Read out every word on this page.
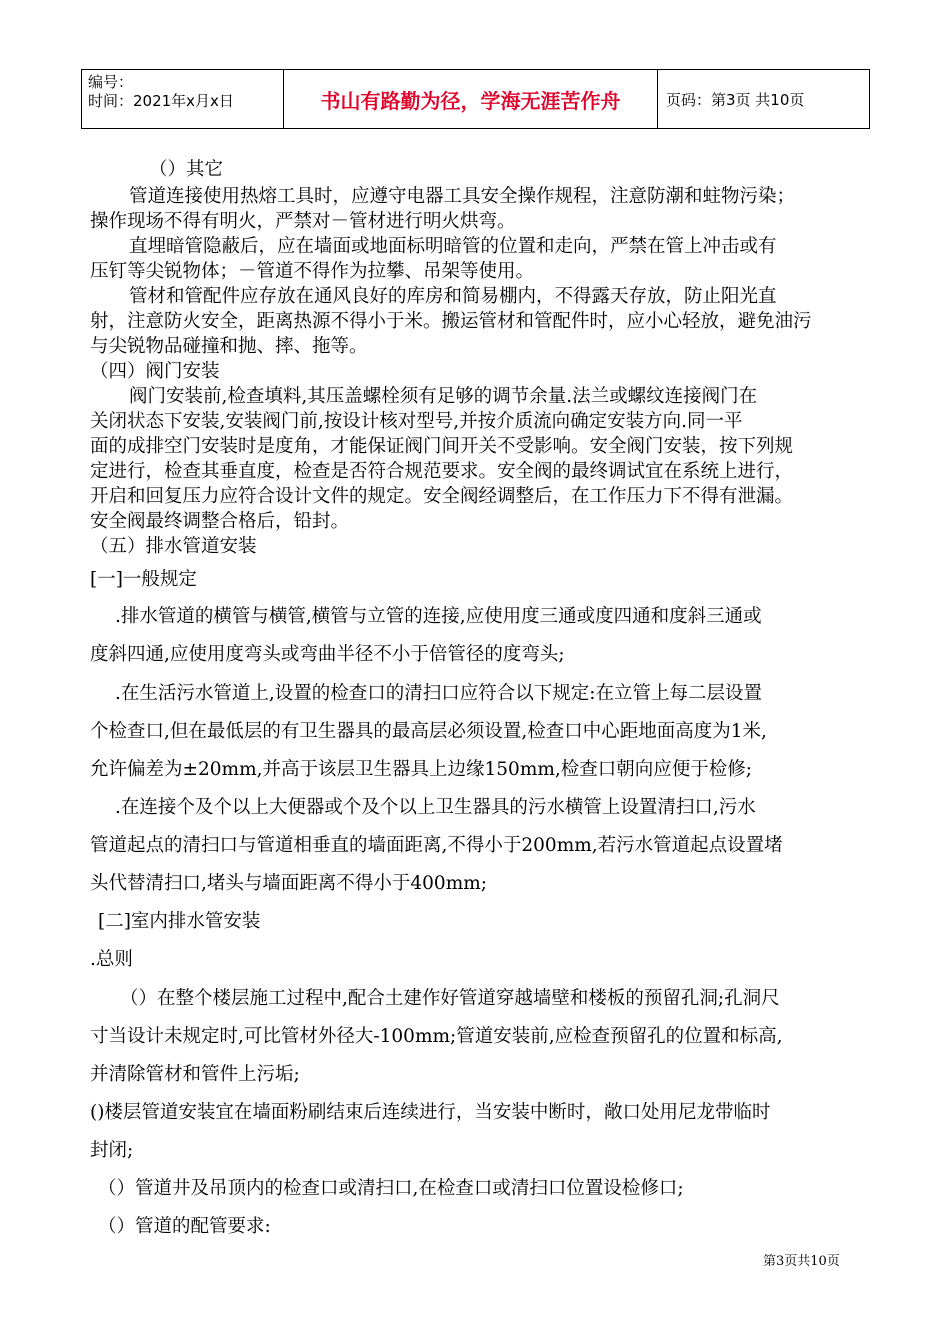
编号：
时间：2021年x月x日	书山有路勤为径，学海无涯苦作舟	页码：第3页 共10页
（）其它
管道连接使用热熔工具时，应遵守电器工具安全操作规程，注意防潮和蛀物污染；
操作现场不得有明火，严禁对－管材进行明火烘弯。
直埋暗管隐蔽后，应在墙面或地面标明暗管的位置和走向，严禁在管上冲击或有
压钉等尖锐物体；－管道不得作为拉攀、吊架等使用。
管材和管配件应存放在通风良好的库房和简易棚内，不得露天存放，防止阳光直
射，注意防火安全，距离热源不得小于米。搬运管材和管配件时，应小心轻放，避免油污
与尖锐物品碰撞和抛、摔、拖等。
（四）阀门安装
阀门安装前,检查填料,其压盖螺栓须有足够的调节余量.法兰或螺纹连接阀门在
关闭状态下安装,安装阀门前,按设计核对型号,并按介质流向确定安装方向.同一平
面的成排空门安装时是度角，才能保证阀门间开关不受影响。安全阀门安装，按下列规
定进行，检查其垂直度，检查是否符合规范要求。安全阀的最终调试宜在系统上进行，
开启和回复压力应符合设计文件的规定。安全阀经调整后，在工作压力下不得有泄漏。
安全阀最终调整合格后，铅封。
（五）排水管道安装
[一]一般规定
.排水管道的横管与横管,横管与立管的连接,应使用度三通或度四通和度斜三通或
度斜四通,应使用度弯头或弯曲半径不小于倍管径的度弯头;
.在生活污水管道上,设置的检查口的清扫口应符合以下规定:在立管上每二层设置
个检查口,但在最低层的有卫生器具的最高层必须设置,检查口中心距地面高度为1米,
允许偏差为±20mm,并高于该层卫生器具上边缘150mm,检查口朝向应便于检修;
.在连接个及个以上大便器或个及个以上卫生器具的污水横管上设置清扫口,污水
管道起点的清扫口与管道相垂直的墙面距离,不得小于200mm,若污水管道起点设置堵
头代替清扫口,堵头与墙面距离不得小于400mm;
[二]室内排水管安装
.总则
（）在整个楼层施工过程中,配合土建作好管道穿越墙壁和楼板的预留孔洞;孔洞尺
寸当设计未规定时,可比管材外径大-100mm;管道安装前,应检查预留孔的位置和标高,
并清除管材和管件上污垢;
()楼层管道安装宜在墙面粉刷结束后连续进行，当安装中断时，敞口处用尼龙带临时
封闭;
（）管道井及吊顶内的检查口或清扫口,在检查口或清扫口位置设检修口;
（）管道的配管要求:
第3页共10页
